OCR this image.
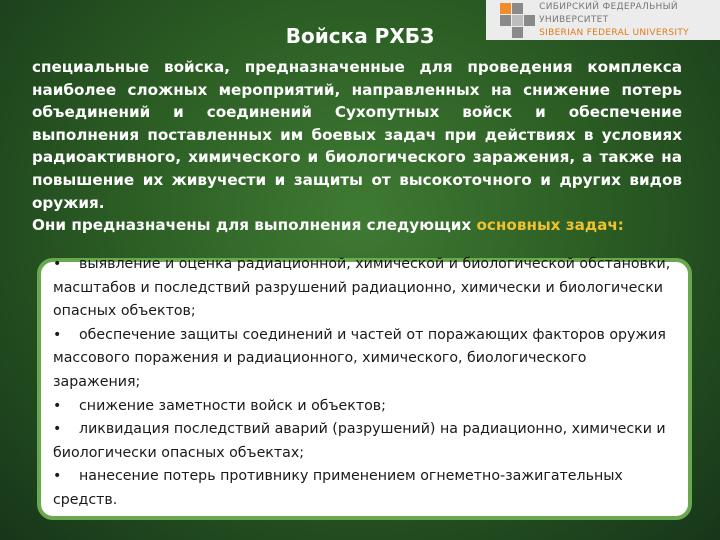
СИБИРСКИЙ ФЕДЕРАЛЬНЫЙ УНИВЕРСИТЕТ
SIBERIAN FEDERAL UNIVERSITY
Войска РХБЗ

специальные войска, предназначенные для проведения комплекса наиболее сложных мероприятий, направленных на снижение потерь объединений и соединений Сухопутных войск и обеспечение выполнения поставленных им боевых задач при действиях в условиях радиоактивного, химического и биологического заражения, а также на повышение их живучести и защиты от высокоточного и других видов оружия.

Они предназначены для выполнения следующих основных задач:

• выявление и оценка радиационной, химической и биологической обстановки, масштабов и последствий разрушений радиационно, химически и биологически опасных объектов;
• обеспечение защиты соединений и частей от поражающих факторов оружия массового поражения и радиационного, химического, биологического заражения;
• снижение заметности войск и объектов;
• ликвидация последствий аварий (разрушений) на радиационно, химически и биологически опасных объектах;
• нанесение потерь противнику применением огнеметно-зажигательных средств.
